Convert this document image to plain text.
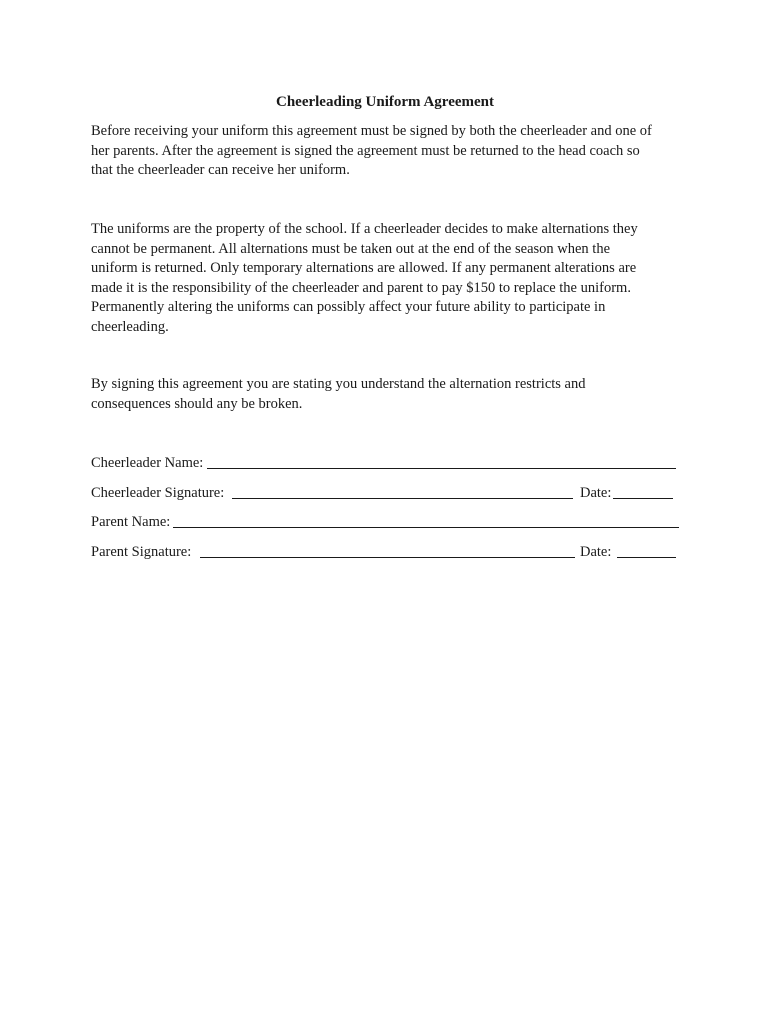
Cheerleading Uniform Agreement
Before receiving your uniform this agreement must be signed by both the cheerleader and one of
her parents. After the agreement is signed the agreement must be returned to the head coach so
that the cheerleader can receive her uniform.
The uniforms are the property of the school. If a cheerleader decides to make alternations they
cannot be permanent. All alternations must be taken out at the end of the season when the
uniform is returned. Only temporary alternations are allowed. If any permanent alterations are
made it is the responsibility of the cheerleader and parent to pay $150 to replace the uniform.
Permanently altering the uniforms can possibly affect your future ability to participate in
cheerleading.
By signing this agreement you are stating you understand the alternation restricts and
consequences should any be broken.
Cheerleader Name:
Cheerleader Signature:	Date:
Parent Name:
Parent Signature:	Date:
